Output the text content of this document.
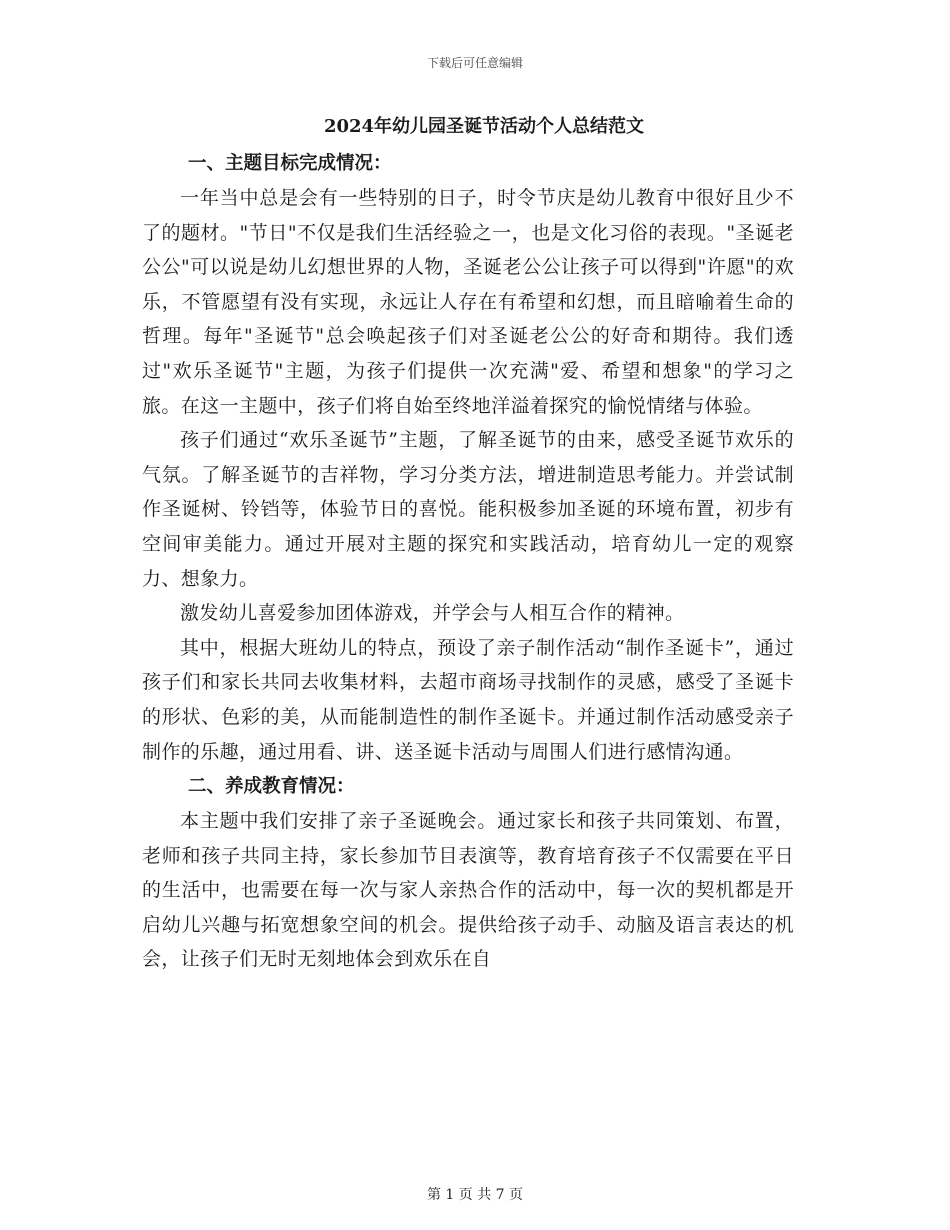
下载后可任意编辑
2024年幼儿园圣诞节活动个人总结范文
一、主题目标完成情况：

一年当中总是会有一些特别的日子，时令节庆是幼儿教育中很好且少不了的题材。"节日"不仅是我们生活经验之一，也是文化习俗的表现。"圣诞老公公"可以说是幼儿幻想世界的人物，圣诞老公公让孩子可以得到"许愿"的欢乐，不管愿望有没有实现，永远让人存在有希望和幻想，而且暗喻着生命的哲理。每年"圣诞节"总会唤起孩子们对圣诞老公公的好奇和期待。我们透过"欢乐圣诞节"主题，为孩子们提供一次充满"爱、希望和想象"的学习之旅。在这一主题中，孩子们将自始至终地洋溢着探究的愉悦情绪与体验。

孩子们通过“欢乐圣诞节”主题，了解圣诞节的由来，感受圣诞节欢乐的气氛。了解圣诞节的吉祥物，学习分类方法，增进制造思考能力。并尝试制作圣诞树、铃铛等，体验节日的喜悦。能积极参加圣诞的环境布置，初步有空间审美能力。通过开展对主题的探究和实践活动，培育幼儿一定的观察力、想象力。

激发幼儿喜爱参加团体游戏，并学会与人相互合作的精神。

其中，根据大班幼儿的特点，预设了亲子制作活动“制作圣诞卡”，通过孩子们和家长共同去收集材料，去超市商场寻找制作的灵感，感受了圣诞卡的形状、色彩的美，从而能制造性的制作圣诞卡。并通过制作活动感受亲子制作的乐趣，通过用看、讲、送圣诞卡活动与周围人们进行感情沟通。

二、养成教育情况：

本主题中我们安排了亲子圣诞晚会。通过家长和孩子共同策划、布置，老师和孩子共同主持，家长参加节目表演等，教育培育孩子不仅需要在平日的生活中，也需要在每一次与家人亲热合作的活动中，每一次的契机都是开启幼儿兴趣与拓宽想象空间的机会。提供给孩子动手、动脑及语言表达的机会，让孩子们无时无刻地体会到欢乐在自

第 1 页 共 7 页
